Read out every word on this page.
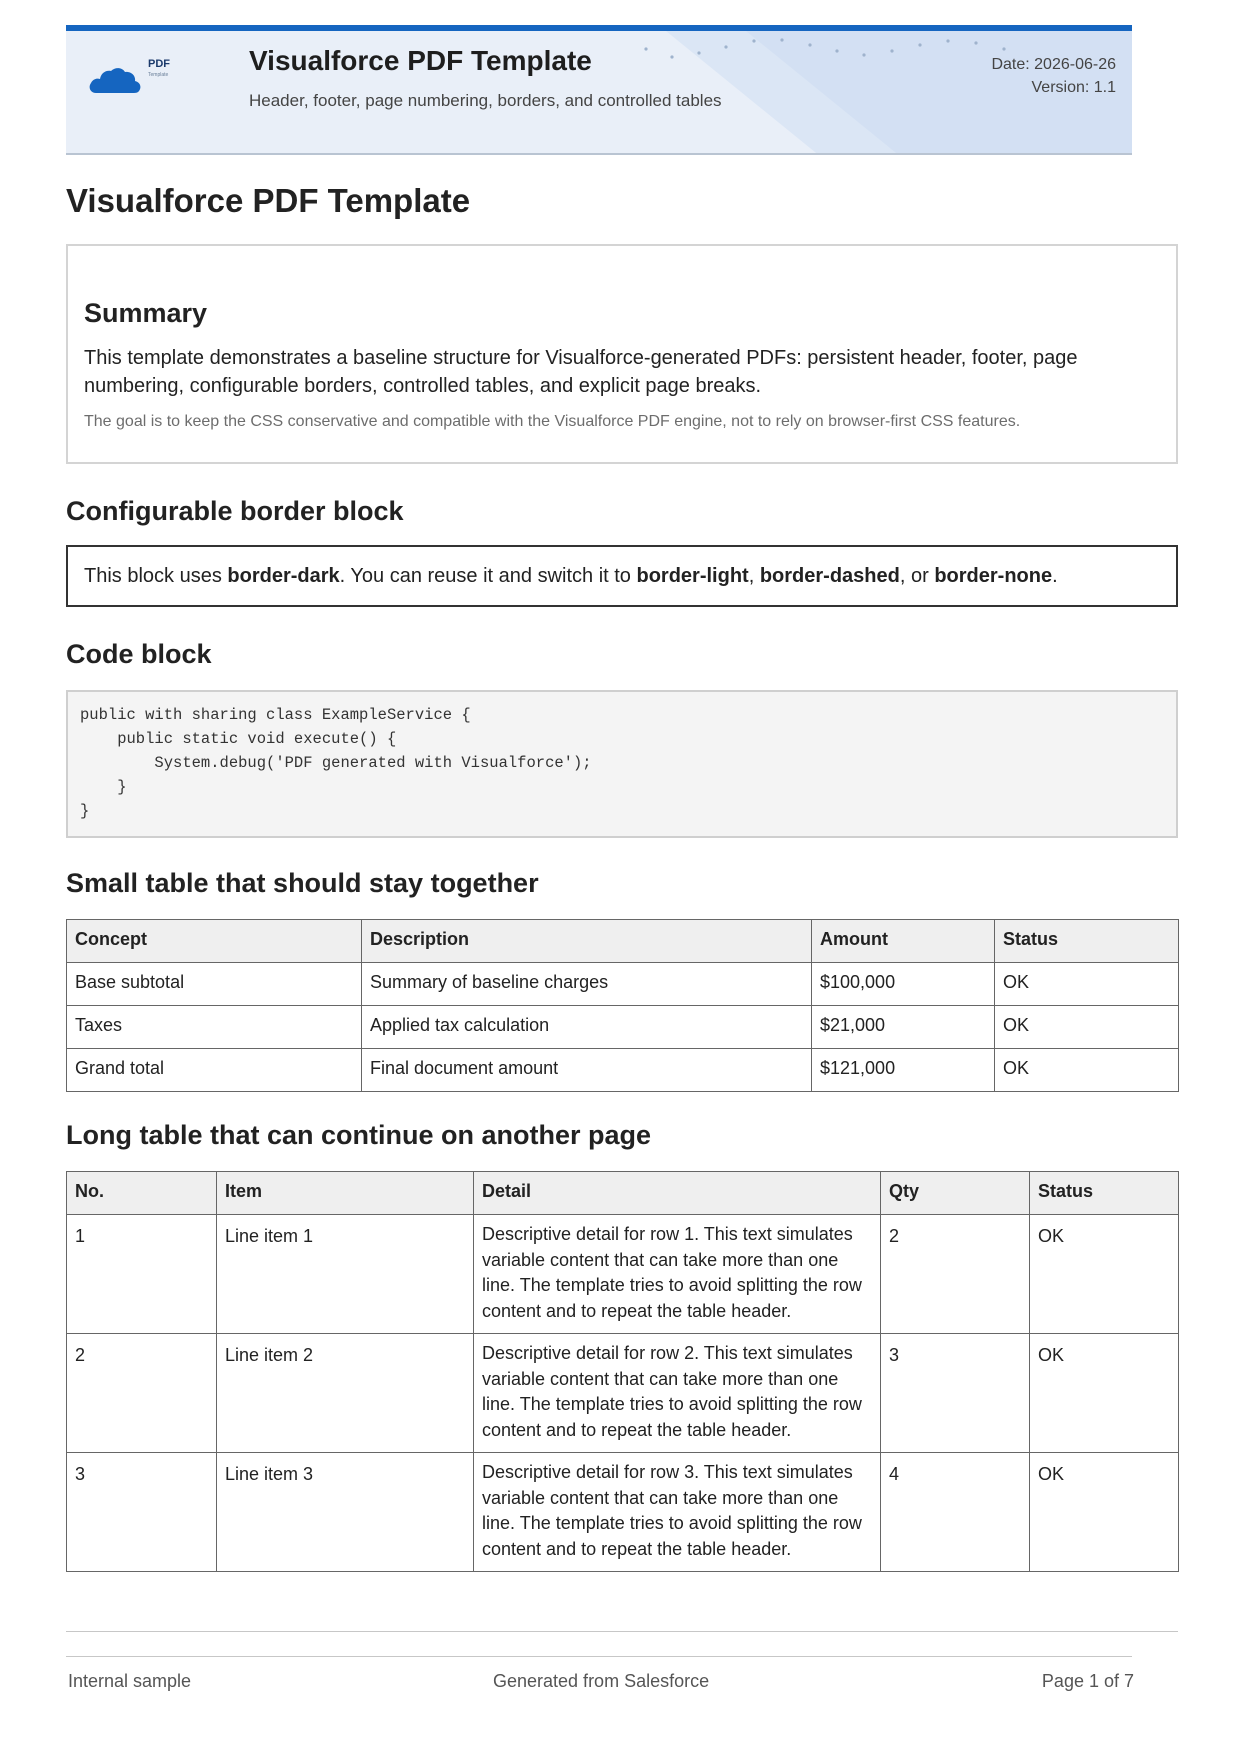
PDF
Template	Visualforce PDF Template
Header, footer, page numbering, borders, and controlled tables
Date: 2026-06-26
Version: 1.1
Visualforce PDF Template
Summary

This template demonstrates a baseline structure for Visualforce-generated PDFs: persistent header, footer, page numbering, configurable borders, controlled tables, and explicit page breaks.

The goal is to keep the CSS conservative and compatible with the Visualforce PDF engine, not to rely on browser-first CSS features.

Configurable border block
This block uses border-dark. You can reuse it and switch it to border-light, border-dashed, or border-none.
Code block
public with sharing class ExampleService {
public static void execute() {
System.debug('PDF generated with Visualforce');
}
}
Small table that should stay together
Concept	Description	Amount	Status
Base subtotal	Summary of baseline charges	$100,000	OK
Taxes	Applied tax calculation	$21,000	OK
Grand total	Final document amount	$121,000	OK
Long table that can continue on another page
No.	Item	Detail	Qty	Status
1	Line item 1	Descriptive detail for row 1. This text simulates variable content that can take more than one line. The template tries to avoid splitting the row content and to repeat the table header.	2	OK
2	Line item 2	Descriptive detail for row 2. This text simulates variable content that can take more than one line. The template tries to avoid splitting the row content and to repeat the table header.	3	OK
3	Line item 3	Descriptive detail for row 3. This text simulates variable content that can take more than one line. The template tries to avoid splitting the row content and to repeat the table header.	4	OK
Internal sample	Generated from Salesforce	Page 1 of 7
